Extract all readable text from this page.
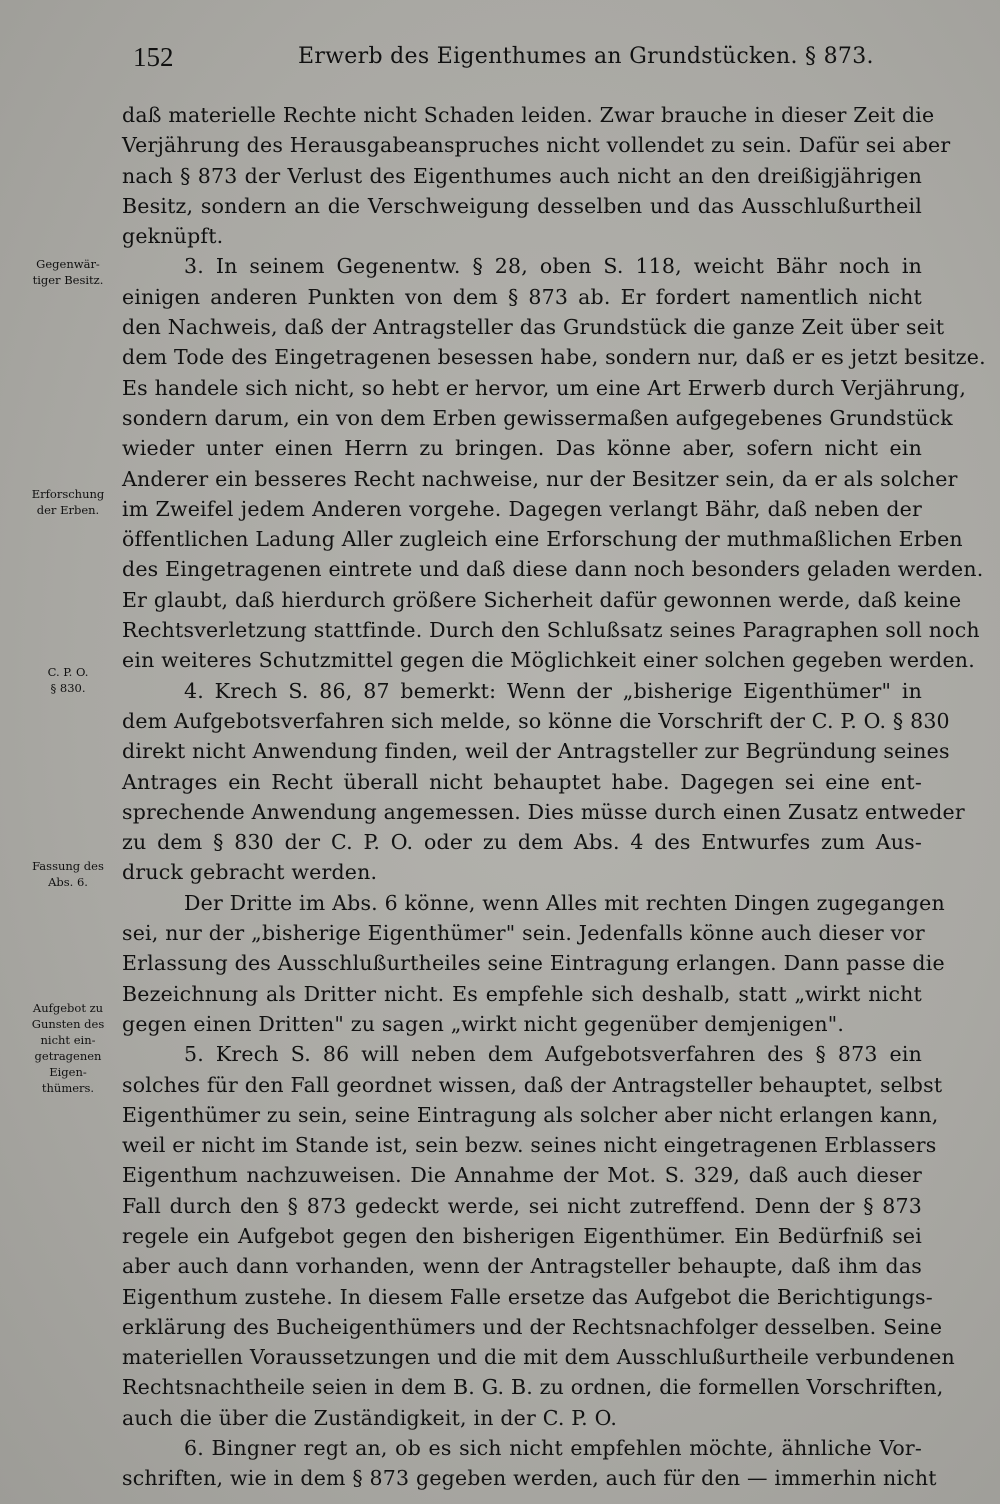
152	Erwerb des Eigenthumes an Grundstücken. § 873.
Gegenwär-
tiger Besitz.
Erforschung
der Erben.
C. P. O.
§ 830.
Fassung des
Abs. 6.
Aufgebot zu
Gunsten des
nicht ein-
getragenen
Eigen-
thümers.
daß materielle Rechte nicht Schaden leiden. Zwar brauche in dieser Zeit die
Verjährung des Herausgabeanspruches nicht vollendet zu sein. Dafür sei aber
nach § 873 der Verlust des Eigenthumes auch nicht an den dreißigjährigen
Besitz, sondern an die Verschweigung desselben und das Ausschlußurtheil
geknüpft.
3. In seinem Gegenentw. § 28, oben S. 118, weicht Bähr noch in
einigen anderen Punkten von dem § 873 ab. Er fordert namentlich nicht
den Nachweis, daß der Antragsteller das Grundstück die ganze Zeit über seit
dem Tode des Eingetragenen besessen habe, sondern nur, daß er es jetzt besitze.
Es handele sich nicht, so hebt er hervor, um eine Art Erwerb durch Verjährung,
sondern darum, ein von dem Erben gewissermaßen aufgegebenes Grundstück
wieder unter einen Herrn zu bringen. Das könne aber, sofern nicht ein
Anderer ein besseres Recht nachweise, nur der Besitzer sein, da er als solcher
im Zweifel jedem Anderen vorgehe. Dagegen verlangt Bähr, daß neben der
öffentlichen Ladung Aller zugleich eine Erforschung der muthmaßlichen Erben
des Eingetragenen eintrete und daß diese dann noch besonders geladen werden.
Er glaubt, daß hierdurch größere Sicherheit dafür gewonnen werde, daß keine
Rechtsverletzung stattfinde. Durch den Schlußsatz seines Paragraphen soll noch
ein weiteres Schutzmittel gegen die Möglichkeit einer solchen gegeben werden.
4. Krech S. 86, 87 bemerkt: Wenn der „bisherige Eigenthümer" in
dem Aufgebotsverfahren sich melde, so könne die Vorschrift der C. P. O. § 830
direkt nicht Anwendung finden, weil der Antragsteller zur Begründung seines
Antrages ein Recht überall nicht behauptet habe. Dagegen sei eine ent-
sprechende Anwendung angemessen. Dies müsse durch einen Zusatz entweder
zu dem § 830 der C. P. O. oder zu dem Abs. 4 des Entwurfes zum Aus-
druck gebracht werden.
Der Dritte im Abs. 6 könne, wenn Alles mit rechten Dingen zugegangen
sei, nur der „bisherige Eigenthümer" sein. Jedenfalls könne auch dieser vor
Erlassung des Ausschlußurtheiles seine Eintragung erlangen. Dann passe die
Bezeichnung als Dritter nicht. Es empfehle sich deshalb, statt „wirkt nicht
gegen einen Dritten" zu sagen „wirkt nicht gegenüber demjenigen".
5. Krech S. 86 will neben dem Aufgebotsverfahren des § 873 ein
solches für den Fall geordnet wissen, daß der Antragsteller behauptet, selbst
Eigenthümer zu sein, seine Eintragung als solcher aber nicht erlangen kann,
weil er nicht im Stande ist, sein bezw. seines nicht eingetragenen Erblassers
Eigenthum nachzuweisen. Die Annahme der Mot. S. 329, daß auch dieser
Fall durch den § 873 gedeckt werde, sei nicht zutreffend. Denn der § 873
regele ein Aufgebot gegen den bisherigen Eigenthümer. Ein Bedürfniß sei
aber auch dann vorhanden, wenn der Antragsteller behaupte, daß ihm das
Eigenthum zustehe. In diesem Falle ersetze das Aufgebot die Berichtigungs-
erklärung des Bucheigenthümers und der Rechtsnachfolger desselben. Seine
materiellen Voraussetzungen und die mit dem Ausschlußurtheile verbundenen
Rechtsnachtheile seien in dem B. G. B. zu ordnen, die formellen Vorschriften,
auch die über die Zuständigkeit, in der C. P. O.
6. Bingner regt an, ob es sich nicht empfehlen möchte, ähnliche Vor-
schriften, wie in dem § 873 gegeben werden, auch für den — immerhin nicht
